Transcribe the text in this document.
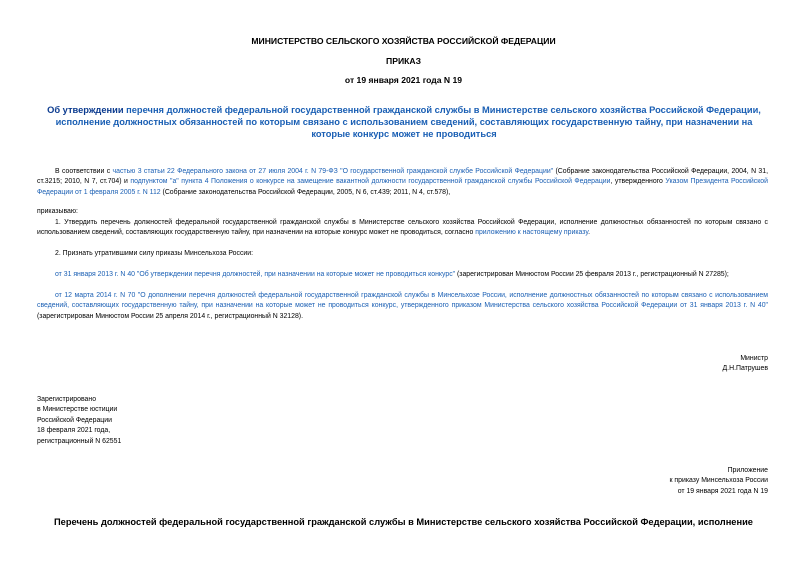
МИНИСТЕРСТВО СЕЛЬСКОГО ХОЗЯЙСТВА РОССИЙСКОЙ ФЕДЕРАЦИИ
ПРИКАЗ
от 19 января 2021 года N 19
Об утверждении перечня должностей федеральной государственной гражданской службы в Министерстве сельского хозяйства Российской Федерации, исполнение должностных обязанностей по которым связано с использованием сведений, составляющих государственную тайну, при назначении на которые конкурс может не проводиться
В соответствии с частью 3 статьи 22 Федерального закона от 27 июля 2004 г. N 79-ФЗ "О государственной гражданской службе Российской Федерации" (Собрание законодательства Российской Федерации, 2004, N 31, ст.3215; 2010, N 7, ст.704) и подпунктом "а" пункта 4 Положения о конкурсе на замещение вакантной должности государственной гражданской службы Российской Федерации, утвержденного Указом Президента Российской Федерации от 1 февраля 2005 г. N 112 (Собрание законодательства Российской Федерации, 2005, N 6, ст.439; 2011, N 4, ст.578),
приказываю:
1. Утвердить перечень должностей федеральной государственной гражданской службы в Министерстве сельского хозяйства Российской Федерации, исполнение должностных обязанностей по которым связано с использованием сведений, составляющих государственную тайну, при назначении на которые конкурс может не проводиться, согласно приложению к настоящему приказу.
2. Признать утратившими силу приказы Минсельхоза России:
от 31 января 2013 г. N 40 "Об утверждении перечня должностей, при назначении на которые может не проводиться конкурс" (зарегистрирован Минюстом России 25 февраля 2013 г., регистрационный N 27285);
от 12 марта 2014 г. N 70 "О дополнении перечня должностей федеральной государственной гражданской службы в Минсельхозе России, исполнение должностных обязанностей по которым связано с использованием сведений, составляющих государственную тайну, при назначении на которые может не проводиться конкурс, утвержденного приказом Министерства сельского хозяйства Российской Федерации от 31 января 2013 г. N 40" (зарегистрирован Минюстом России 25 апреля 2014 г., регистрационный N 32128).
Министр
Д.Н.Патрушев
Зарегистрировано
в Министерстве юстиции
Российской Федерации
18 февраля 2021 года,
регистрационный N 62551
Приложение
к приказу Минсельхоза России
от 19 января 2021 года N 19
Перечень должностей федеральной государственной гражданской службы в Министерстве сельского хозяйства Российской Федерации, исполнение
